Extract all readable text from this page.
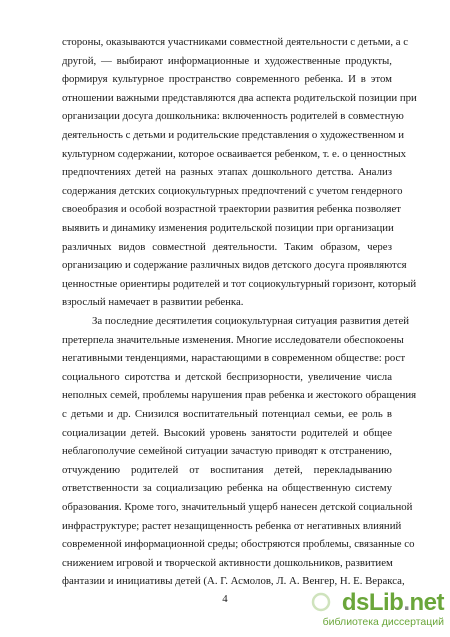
стороны, оказываются участниками совместной деятельности с детьми, а с
другой, — выбирают информационные и художественные продукты,
формируя культурное пространство современного ребенка. И в этом
отношении важными представляются два аспекта родительской позиции при
организации досуга дошкольника: включенность родителей в совместную
деятельность с детьми и родительские представления о художественном и
культурном содержании, которое осваивается ребенком, т. е. о ценностных
предпочтениях детей на разных этапах дошкольного детства. Анализ
содержания детских социокультурных предпочтений с учетом гендерного
своеобразия и особой возрастной траектории развития ребенка позволяет
выявить и динамику изменения родительской позиции при организации
различных видов совместной деятельности. Таким образом, через
организацию и содержание различных видов детского досуга проявляются
ценностные ориентиры родителей и тот социокультурный горизонт, который
взрослый намечает в развитии ребенка.
За последние десятилетия социокультурная ситуация развития детей
претерпела значительные изменения. Многие исследователи обеспокоены
негативными тенденциями, нарастающими в современном обществе: рост
социального сиротства и детской беспризорности, увеличение числа
неполных семей, проблемы нарушения прав ребенка и жестокого обращения
с детьми и др. Снизился воспитательный потенциал семьи, ее роль в
социализации детей. Высокий уровень занятости родителей и общее
неблагополучие семейной ситуации зачастую приводят к отстранению,
отчуждению родителей от воспитания детей, перекладыванию
ответственности за социализацию ребенка на общественную систему
образования. Кроме того, значительный ущерб нанесен детской социальной
инфраструктуре; растет незащищенность ребенка от негативных влияний
современной информационной среды; обостряются проблемы, связанные со
снижением игровой и творческой активности дошкольников, развитием
фантазии и инициативы детей (А. Г. Асмолов, Л. А. Венгер, Н. Е. Веракса,
4	dsLib.net
библиотека диссертаций
